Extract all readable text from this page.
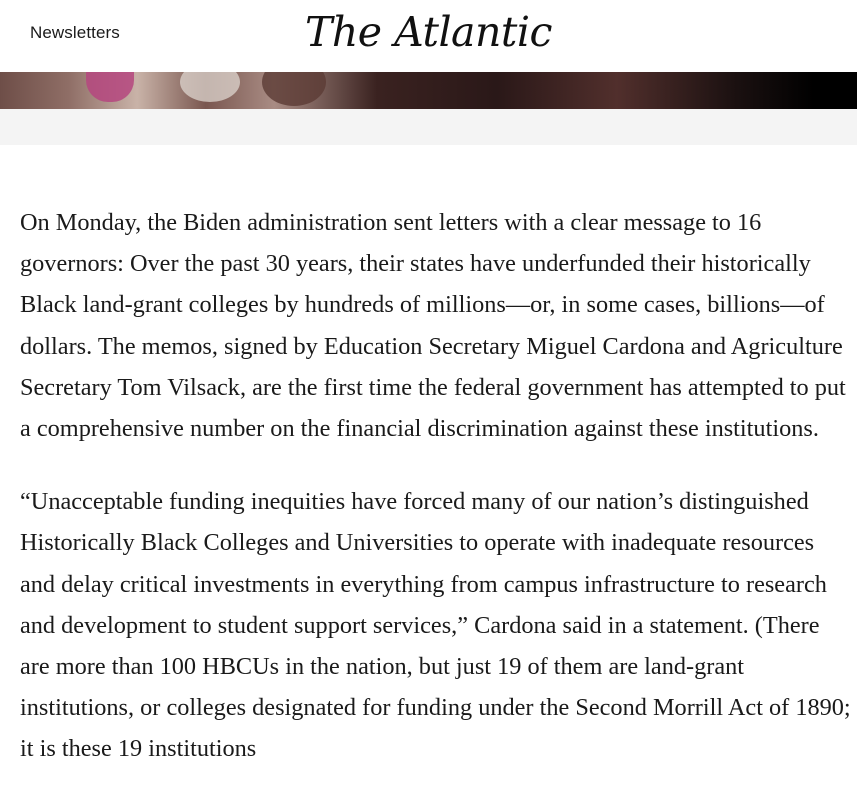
Newsletters	The Atlantic

On Monday, the Biden administration sent letters with a clear message to 16 governors: Over the past 30 years, their states have underfunded their historically Black land-grant colleges by hundreds of millions—or, in some cases, billions—of dollars. The memos, signed by Education Secretary Miguel Cardona and Agriculture Secretary Tom Vilsack, are the first time the federal government has attempted to put a comprehensive number on the financial discrimination against these institutions.

“Unacceptable funding inequities have forced many of our nation’s distinguished Historically Black Colleges and Universities to operate with inadequate resources and delay critical investments in everything from campus infrastructure to research and development to student support services,” Cardona said in a statement. (There are more than 100 HBCUs in the nation, but just 19 of them are land-grant institutions, or colleges designated for funding under the Second Morrill Act of 1890; it is these 19 institutions
